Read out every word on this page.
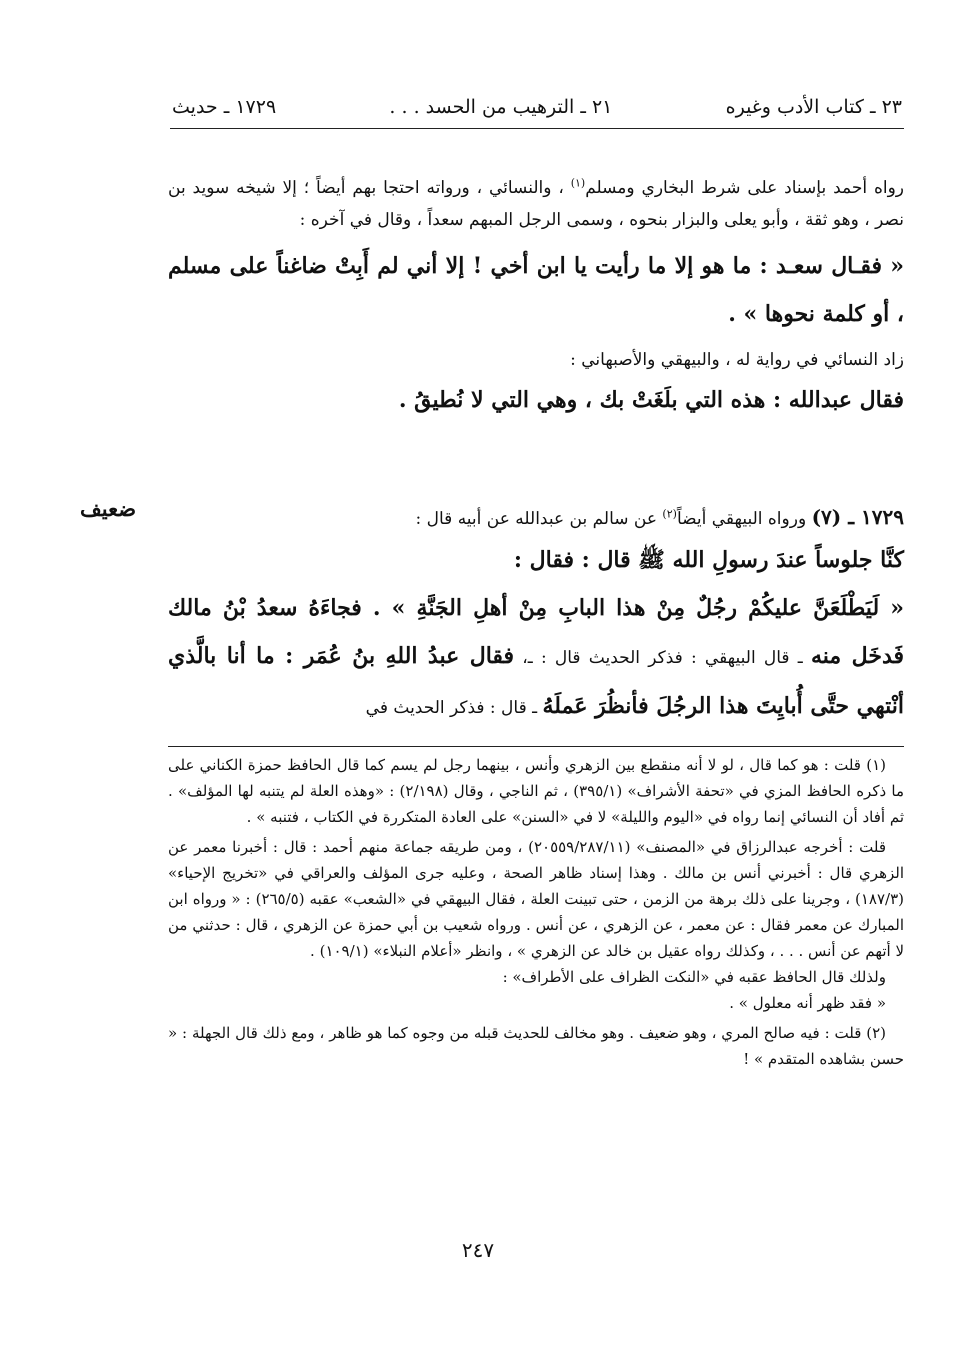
٢٣ ـ كتاب الأدب وغيره
٢١ ـ الترهيب من الحسد . . .
١٧٢٩ ـ حديث

رواه أحمد بإسناد على شرط البخاري ومسلم$^{(١)}$ ، والنسائي ، ورواته احتجا بهم أيضاً ؛ إلا شيخه سويد بن نصر ، وهو ثقة ، وأبو يعلى والبزار بنحوه ، وسمى الرجل المبهم سعداً ، وقال في آخره :

« فقـال سعـد : ما هو إلا ما رأيت يا ابن أخي ! إلا أني لم أَبِتْ ضاغناً على مسلم ، أو كلمة نحوها » .

زاد النسائي في رواية له ، والبيهقي والأصبهاني :

فقال عبدالله : هذه التي بلَغَتْ بك ، وهي التي لا نُطيقُ .

ضعيف	١٧٢٩ ـ (٧) ورواه البيهقي أيضاً$^{(٢)}$ عن سالم بن عبدالله عن أبيه قال :

كنَّا جلوساً عندَ رسولِ الله ﷺ قال : فقال :

« لَيَطْلَعَنَّ عليكُمْ رجُلٌ مِنْ هذا البابِ مِنْ أهلِ الجَنَّةِ » . فجاءَهُ سعدُ بْنُ مالك فَدخَل منه ـ قال البيهقي : فذكر الحديث قال : ـ، فقال عبدُ اللهِ بنُ عُمَر : ما أنا بالَّذي أنْتهي حتَّى أُبايِتَ هذا الرجُلَ فأنظُرَ عَملَهُ ـ قال : فذكر الحديث في

(١) قلت : هو كما قال ، لو لا أنه منقطع بين الزهري وأنس ، بينهما رجل لم يسم كما قال الحافظ حمزة الكناني على ما ذكره الحافظ المزي في «تحفة الأشراف» (٣٩٥/١) ، ثم الناجي ، وقال (٢/١٩٨) : «وهذه العلة لم يتنبه لها المؤلف» . ثم أفاد أن النسائي إنما رواه في «اليوم والليلة» لا في «السنن» على العادة المتكررة في الكتاب ، فتنبه » .

قلت : أخرجه عبدالرزاق في «المصنف» (٢٠٥٥٩/٢٨٧/١١) ، ومن طريقه جماعة منهم أحمد : قال : أخبرنا معمر عن الزهري قال : أخبرني أنس بن مالك . وهذا إسناد ظاهر الصحة ، وعليه جرى المؤلف والعراقي في «تخريج الإحياء» (١٨٧/٣) ، وجرينا على ذلك برهة من الزمن ، حتى تبينت العلة ، فقال البيهقي في «الشعب» عقبه (٢٦٥/٥) : « ورواه ابن المبارك عن معمر فقال : عن معمر ، عن الزهري ، عن أنس . ورواه شعيب بن أبي حمزة عن الزهري ، قال : حدثني من لا أتهم عن أنس . . . ، وكذلك رواه عقيل بن خالد عن الزهري » ، وانظر «أعلام النبلاء» (١٠٩/١) .

ولذلك قال الحافظ عقبه في «النكت الظراف على الأطراف» :

« فقد ظهر أنه معلول » .

(٢) قلت : فيه صالح المري ، وهو ضعيف . وهو مخالف للحديث قبله من وجوه كما هو ظاهر ، ومع ذلك قال الجهلة : « حسن بشاهده المتقدم » !

٢٤٧
